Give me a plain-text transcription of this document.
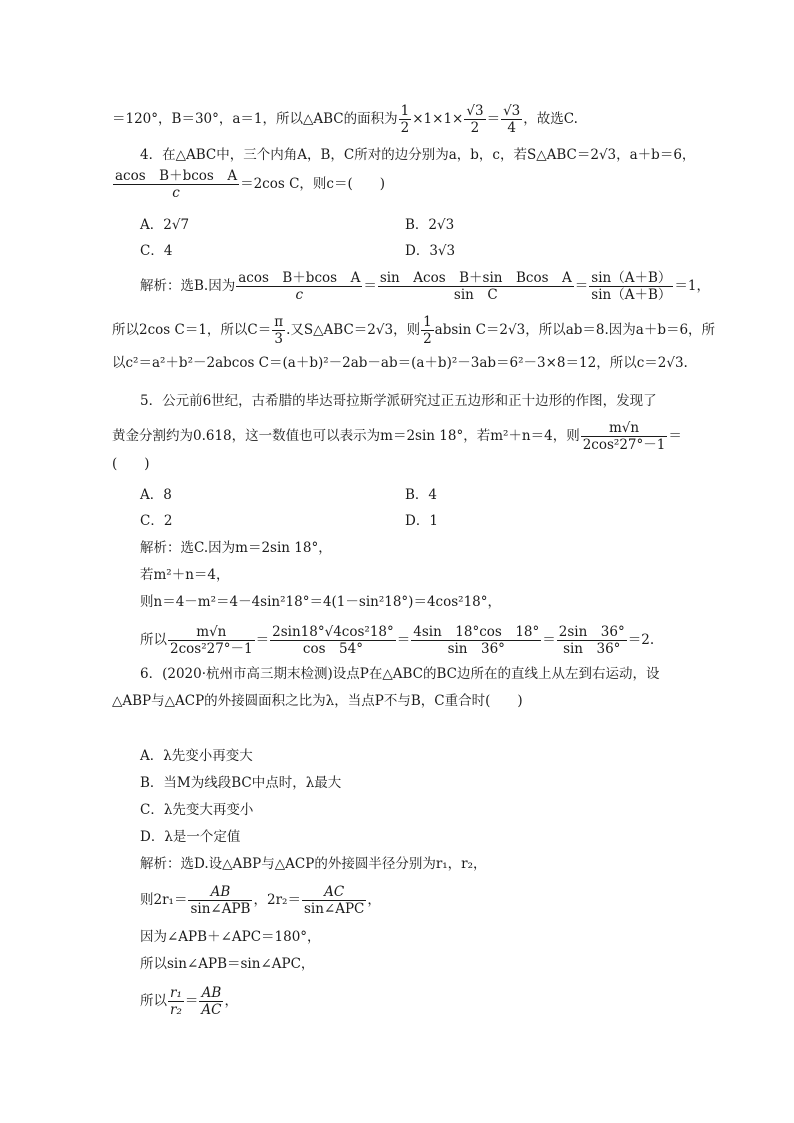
＝120°，B＝30°，a＝1，所以△ABC的面积为 $\frac{1}{2} \times 1\times 1\times \frac{√3}{2} = \frac{√3}{4}$ ，故选C.
4．在△ABC中，三个内角A，B，C所对的边分别为a，b，c，若S△ABC＝2√3，a＋b＝6，
$\frac{\text{acos　B＋bcos　A}}{c} =2\cos$ C，则c＝(　　)
A．2√7	B．2√3
C．4	D．3√3
解析：选B.因为 $\frac{\text{acos　B＋bcos　A}}{c} = \frac{\text{sin　Acos　B＋sin　Bcos　A}}{\text{sin　C}} = \frac{\sin(A+B)}{\sin(A+B)} =1$，
所以2cos C＝1，所以$C= \frac{\pi}{3}$ .又S△ABC＝2√3，则 $\frac{1}{2}$ absin C＝2√3，所以ab＝8.因为a＋b＝6，所
以c²＝a²＋b²－2abcos C＝(a＋b)²－2ab－ab＝(a＋b)²－3ab＝6²－3×8＝12，所以c＝2√3.
5．公元前6世纪，古希腊的毕达哥拉斯学派研究过正五边形和正十边形的作图，发现了
黄金分割约为0.618，这一数值也可以表示为m＝2sin 18°，若m²＋n＝4，则 $\frac{m√n}{\text{2cos²27°－1}}$ ＝
(　　)
A．8	B．4
C．2	D．1
解析：选C.因为m＝2sin 18°，
若m²＋n＝4，
则n＝4－m²＝4－4sin²18°＝4(1－sin²18°)＝4cos²18°，
所以 $\frac{m√n}{\text{2cos²27°－1}} = \frac{\text{2sin18°√4cos²18°}}{\cos 54^\circ} = \frac{4\sin 18^\circ\cos 18^\circ}{\sin 36^\circ} = \frac{2\sin 36^\circ}{\sin 36^\circ} =2$.
6．(2020·杭州市高三期末检测)设点P在△ABC的BC边所在的直线上从左到右运动，设
△ABP与△ACP的外接圆面积之比为λ，当点P不与B，C重合时(　　)
A．λ先变小再变大
B．当M为线段BC中点时，λ最大
C．λ先变大再变小
D．λ是一个定值
解析：选D.设△ABP与△ACP的外接圆半径分别为r₁，r₂，
则$2r_1= \frac{AB}{\text{sin∠APB}}$ ，$2r_2= \frac{AC}{\text{sin∠APC}}$ ，
因为∠APB＋∠APC＝180°，
所以sin∠APB＝sin∠APC，
所以 $\frac{\text{r₁}}{\text{r₂}} = \frac{AB}{AC}$ ，
